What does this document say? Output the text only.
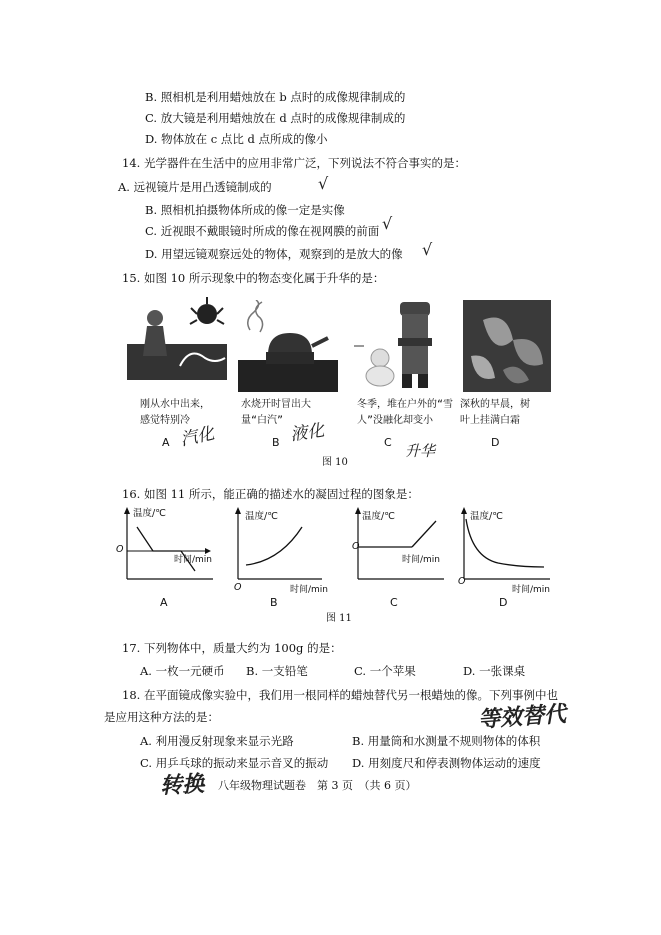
B. 照相机是利用蜡烛放在 b 点时的成像规律制成的
C. 放大镜是利用蜡烛放在 d 点时的成像规律制成的
D. 物体放在 c 点比 d 点所成的像小
14. 光学器件在生活中的应用非常广泛，下列说法不符合事实的是：
A. 远视镜片是用凸透镜制成的	√
B. 照相机拍摄物体所成的像一定是实像
C. 近视眼不戴眼镜时所成的像在视网膜的前面 √
D. 用望远镜观察远处的物体，观察到的是放大的像 √
15. 如图 10 所示现象中的物态变化属于升华的是：
刚从水中出来，
感觉特别冷
水烧开时冒出大
量“白汽”
冬季，堆在户外的“雪
人”没融化却变小
深秋的早晨，树
叶上挂满白霜
A	B	C	D
汽化	液化
升华
图 10
16. 如图 11 所示，能正确的描述水的凝固过程的图象是：
温度/℃
O
时间/min
A
温度/℃
O	时间/min
B
温度/℃
O
时间/min
C
温度/℃
O
时间/min
D
图 11
17. 下列物体中，质量大约为 100g 的是：
A. 一枚一元硬币 B. 一支铅笔	C. 一个苹果	D. 一张课桌
18. 在平面镜成像实验中，我们用一根同样的蜡烛替代另一根蜡烛的像。下列事例中也
是应用这种方法的是：	等效替代
A. 利用漫反射现象来显示光路	B. 用量筒和水测量不规则物体的体积
C. 用乒乓球的振动来显示音叉的振动 D. 用刻度尺和停表测物体运动的速度
转换 八年级物理试题卷　第 3 页　（共 6 页）
